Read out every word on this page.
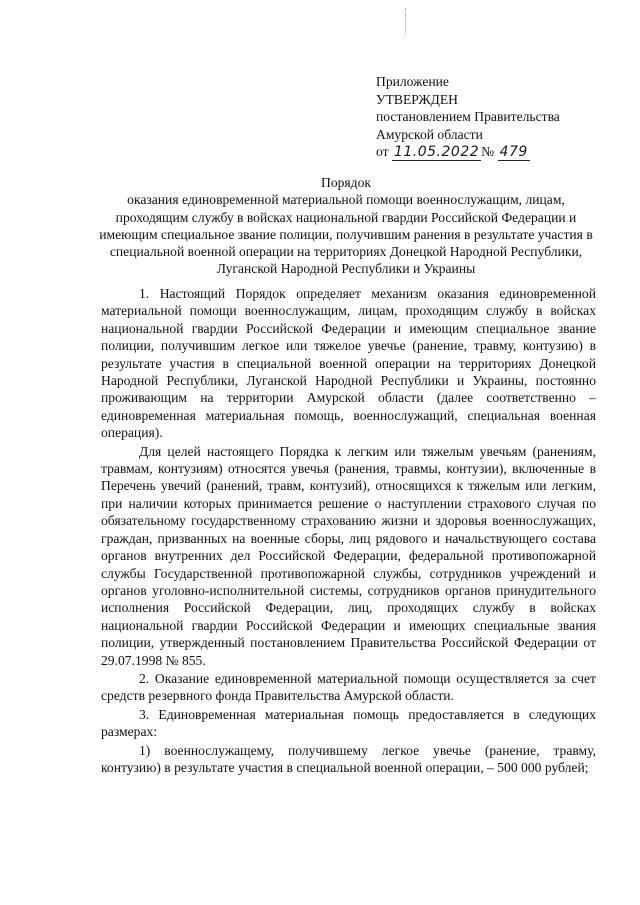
Приложение
УТВЕРЖДЕН
постановлением Правительства
Амурской области
от 11.05.2022 № 479
Порядок
оказания единовременной материальной помощи военнослужащим, лицам, проходящим службу в войсках национальной гвардии Российской Федерации и имеющим специальное звание полиции, получившим ранения в результате участия в специальной военной операции на территориях Донецкой Народной Республики, Луганской Народной Республики и Украины

1. Настоящий Порядок определяет механизм оказания единовременной материальной помощи военнослужащим, лицам, проходящим службу в войсках национальной гвардии Российской Федерации и имеющим специальное звание полиции, получившим легкое или тяжелое увечье (ранение, травму, контузию) в результате участия в специальной военной операции на территориях Донецкой Народной Республики, Луганской Народной Республики и Украины, постоянно проживающим на территории Амурской области (далее соответственно – единовременная материальная помощь, военнослужащий, специальная военная операция).

Для целей настоящего Порядка к легким или тяжелым увечьям (ранениям, травмам, контузиям) относятся увечья (ранения, травмы, контузии), включенные в Перечень увечий (ранений, травм, контузий), относящихся к тяжелым или легким, при наличии которых принимается решение о наступлении страхового случая по обязательному государственному страхованию жизни и здоровья военнослужащих, граждан, призванных на военные сборы, лиц рядового и начальствующего состава органов внутренних дел Российской Федерации, федеральной противопожарной службы Государственной противопожарной службы, сотрудников учреждений и органов уголовно-исполнительной системы, сотрудников органов принудительного исполнения Российской Федерации, лиц, проходящих службу в войсках национальной гвардии Российской Федерации и имеющих специальные звания полиции, утвержденный постановлением Правительства Российской Федерации от 29.07.1998 № 855.

2. Оказание единовременной материальной помощи осуществляется за счет средств резервного фонда Правительства Амурской области.

3. Единовременная материальная помощь предоставляется в следующих размерах:

1) военнослужащему, получившему легкое увечье (ранение, травму, контузию) в результате участия в специальной военной операции, – 500 000 рублей;
